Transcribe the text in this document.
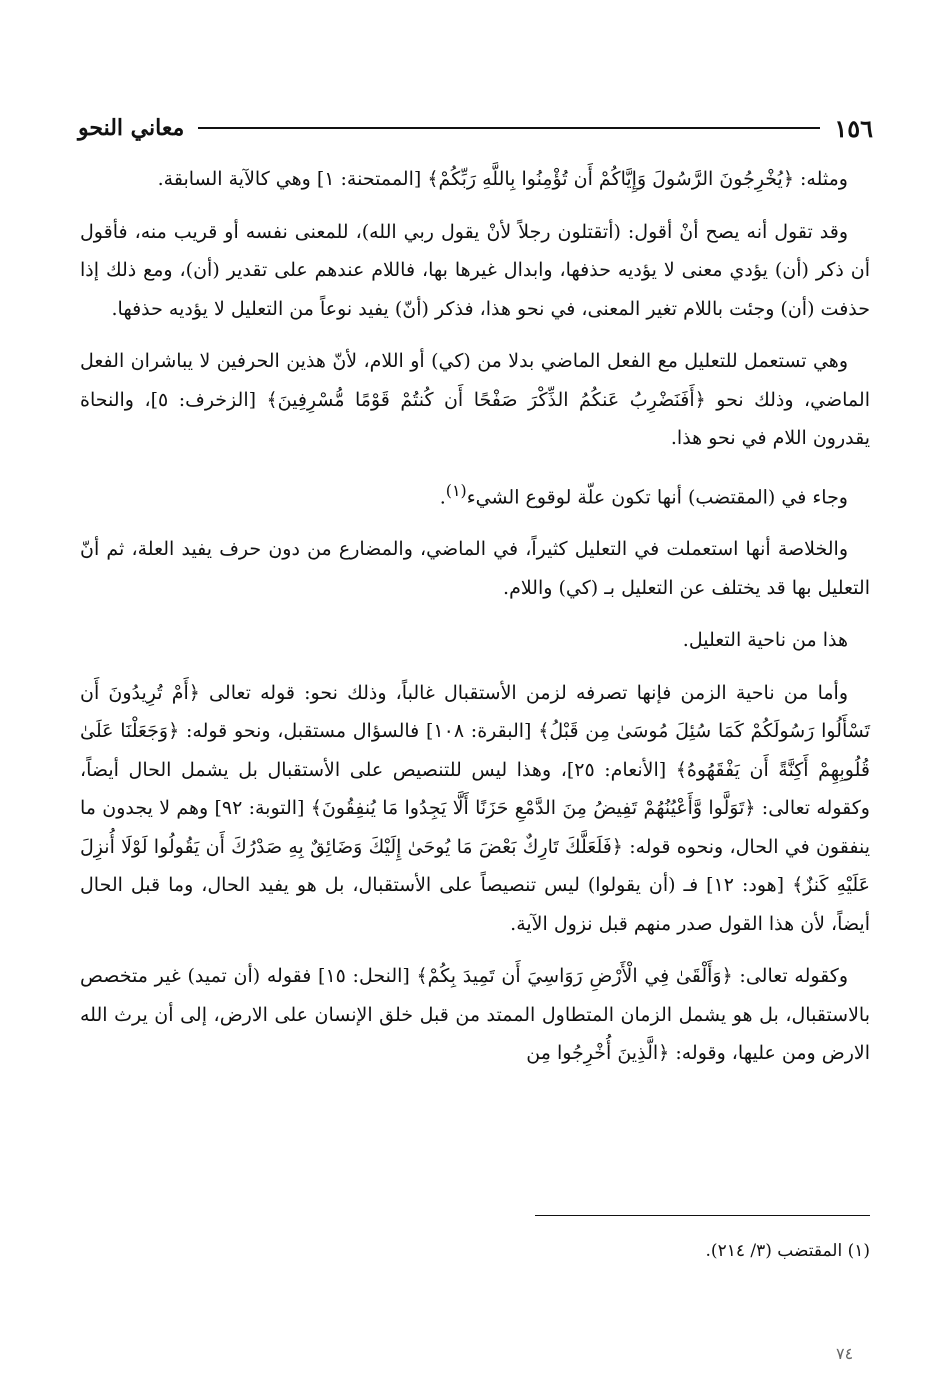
١٥٦
معاني النحو

ومثله: ﴿يُخْرِجُونَ الرَّسُولَ وَإِيَّاكُمْ أَن تُؤْمِنُوا بِاللَّهِ رَبِّكُمْ﴾ [الممتحنة: ١] وهي كالآية السابقة.

وقد تقول أنه يصح أنْ أقول: (أتقتلون رجلاً لأنْ يقول ربي الله)، للمعنى نفسه أو قريب منه، فأقول أن ذكر (أن) يؤدي معنى لا يؤديه حذفها، وابدال غيرها بها، فاللام عندهم على تقدير (أن)، ومع ذلك إذا حذفت (أن) وجئت باللام تغير المعنى، في نحو هذا، فذكر (أنّ) يفيد نوعاً من التعليل لا يؤديه حذفها.

وهي تستعمل للتعليل مع الفعل الماضي بدلا من (كي) أو اللام، لأنّ هذين الحرفين لا يباشران الفعل الماضي، وذلك نحو ﴿أَفَنَضْرِبُ عَنكُمُ الذِّكْرَ صَفْحًا أَن كُنتُمْ قَوْمًا مُّسْرِفِينَ﴾ [الزخرف: ٥]، والنحاة يقدرون اللام في نحو هذا.

وجاء في (المقتضب) أنها تكون علّة لوقوع الشيء$^{(١)}$.

والخلاصة أنها استعملت في التعليل كثيراً، في الماضي، والمضارع من دون حرف يفيد العلة، ثم أنّ التعليل بها قد يختلف عن التعليل بـ (كي) واللام.

هذا من ناحية التعليل.

وأما من ناحية الزمن فإنها تصرفه لزمن الأستقبال غالباً، وذلك نحو: قوله تعالى ﴿أَمْ تُرِيدُونَ أَن تَسْأَلُوا رَسُولَكُمْ كَمَا سُئِلَ مُوسَىٰ مِن قَبْلُ﴾ [البقرة: ١٠٨] فالسؤال مستقبل، ونحو قوله: ﴿وَجَعَلْنَا عَلَىٰ قُلُوبِهِمْ أَكِنَّةً أَن يَفْقَهُوهُ﴾ [الأنعام: ٢٥]، وهذا ليس للتنصيص على الأستقبال بل يشمل الحال أيضاً، وكقوله تعالى: ﴿تَوَلَّوا وَّأَعْيُنُهُمْ تَفِيضُ مِنَ الدَّمْعِ حَزَنًا أَلَّا يَجِدُوا مَا يُنفِقُونَ﴾ [التوبة: ٩٢] وهم لا يجدون ما ينفقون في الحال، ونحوه قوله: ﴿فَلَعَلَّكَ تَارِكٌ بَعْضَ مَا يُوحَىٰ إِلَيْكَ وَضَائِقٌ بِهِ صَدْرُكَ أَن يَقُولُوا لَوْلَا أُنزِلَ عَلَيْهِ كَنزٌ﴾ [هود: ١٢] فـ (أن يقولوا) ليس تنصيصاً على الأستقبال، بل هو يفيد الحال، وما قبل الحال أيضاً، لأن هذا القول صدر منهم قبل نزول الآية.

وكقوله تعالى: ﴿وَأَلْقَىٰ فِي الْأَرْضِ رَوَاسِيَ أَن تَمِيدَ بِكُمْ﴾ [النحل: ١٥] فقوله (أن تميد) غير متخصص بالاستقبال، بل هو يشمل الزمان المتطاول الممتد من قبل خلق الإنسان على الارض، إلى أن يرث الله الارض ومن عليها، وقوله: ﴿الَّذِينَ أُخْرِجُوا مِن

(١) المقتضب (٣/ ٢١٤).
٧٤
